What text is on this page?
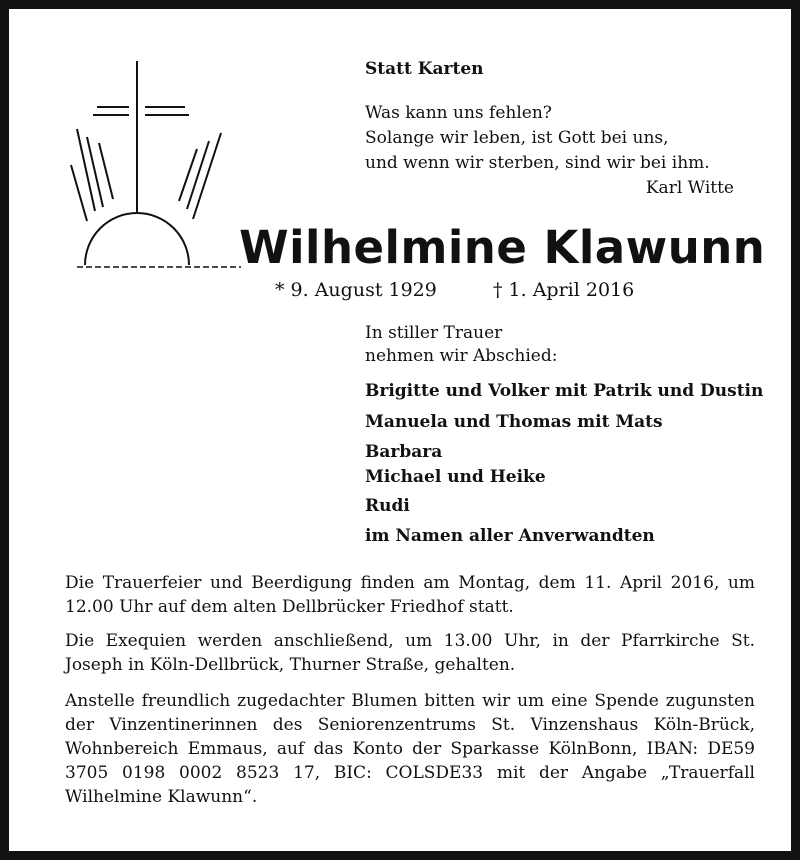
Statt Karten
Was kann uns fehlen?
Solange wir leben, ist Gott bei uns,
und wenn wir sterben, sind wir bei ihm.
Karl Witte
Wilhelmine Klawunn
* 9. August 1929	† 1. April 2016
In stiller Trauer
nehmen wir Abschied:
Brigitte und Volker mit Patrik und Dustin
Manuela und Thomas mit Mats
Barbara
Michael und Heike
Rudi
im Namen aller Anverwandten
Die Trauerfeier und Beerdigung finden am Montag, dem 11. April 2016, um 12.00 Uhr auf dem alten Dellbrücker Friedhof statt.
Die Exequien werden anschließend, um 13.00 Uhr, in der Pfarrkirche St. Joseph in Köln-Dellbrück, Thurner Straße, gehalten.
Anstelle freundlich zugedachter Blumen bitten wir um eine Spende zugunsten der Vinzentinerinnen des Seniorenzentrums St. Vinzenshaus Köln-Brück, Wohnbereich Emmaus, auf das Konto der Sparkasse KölnBonn, IBAN: DE59 3705 0198 0002 8523 17, BIC: COLSDE33 mit der Angabe „Trauerfall Wilhelmine Klawunn“.
